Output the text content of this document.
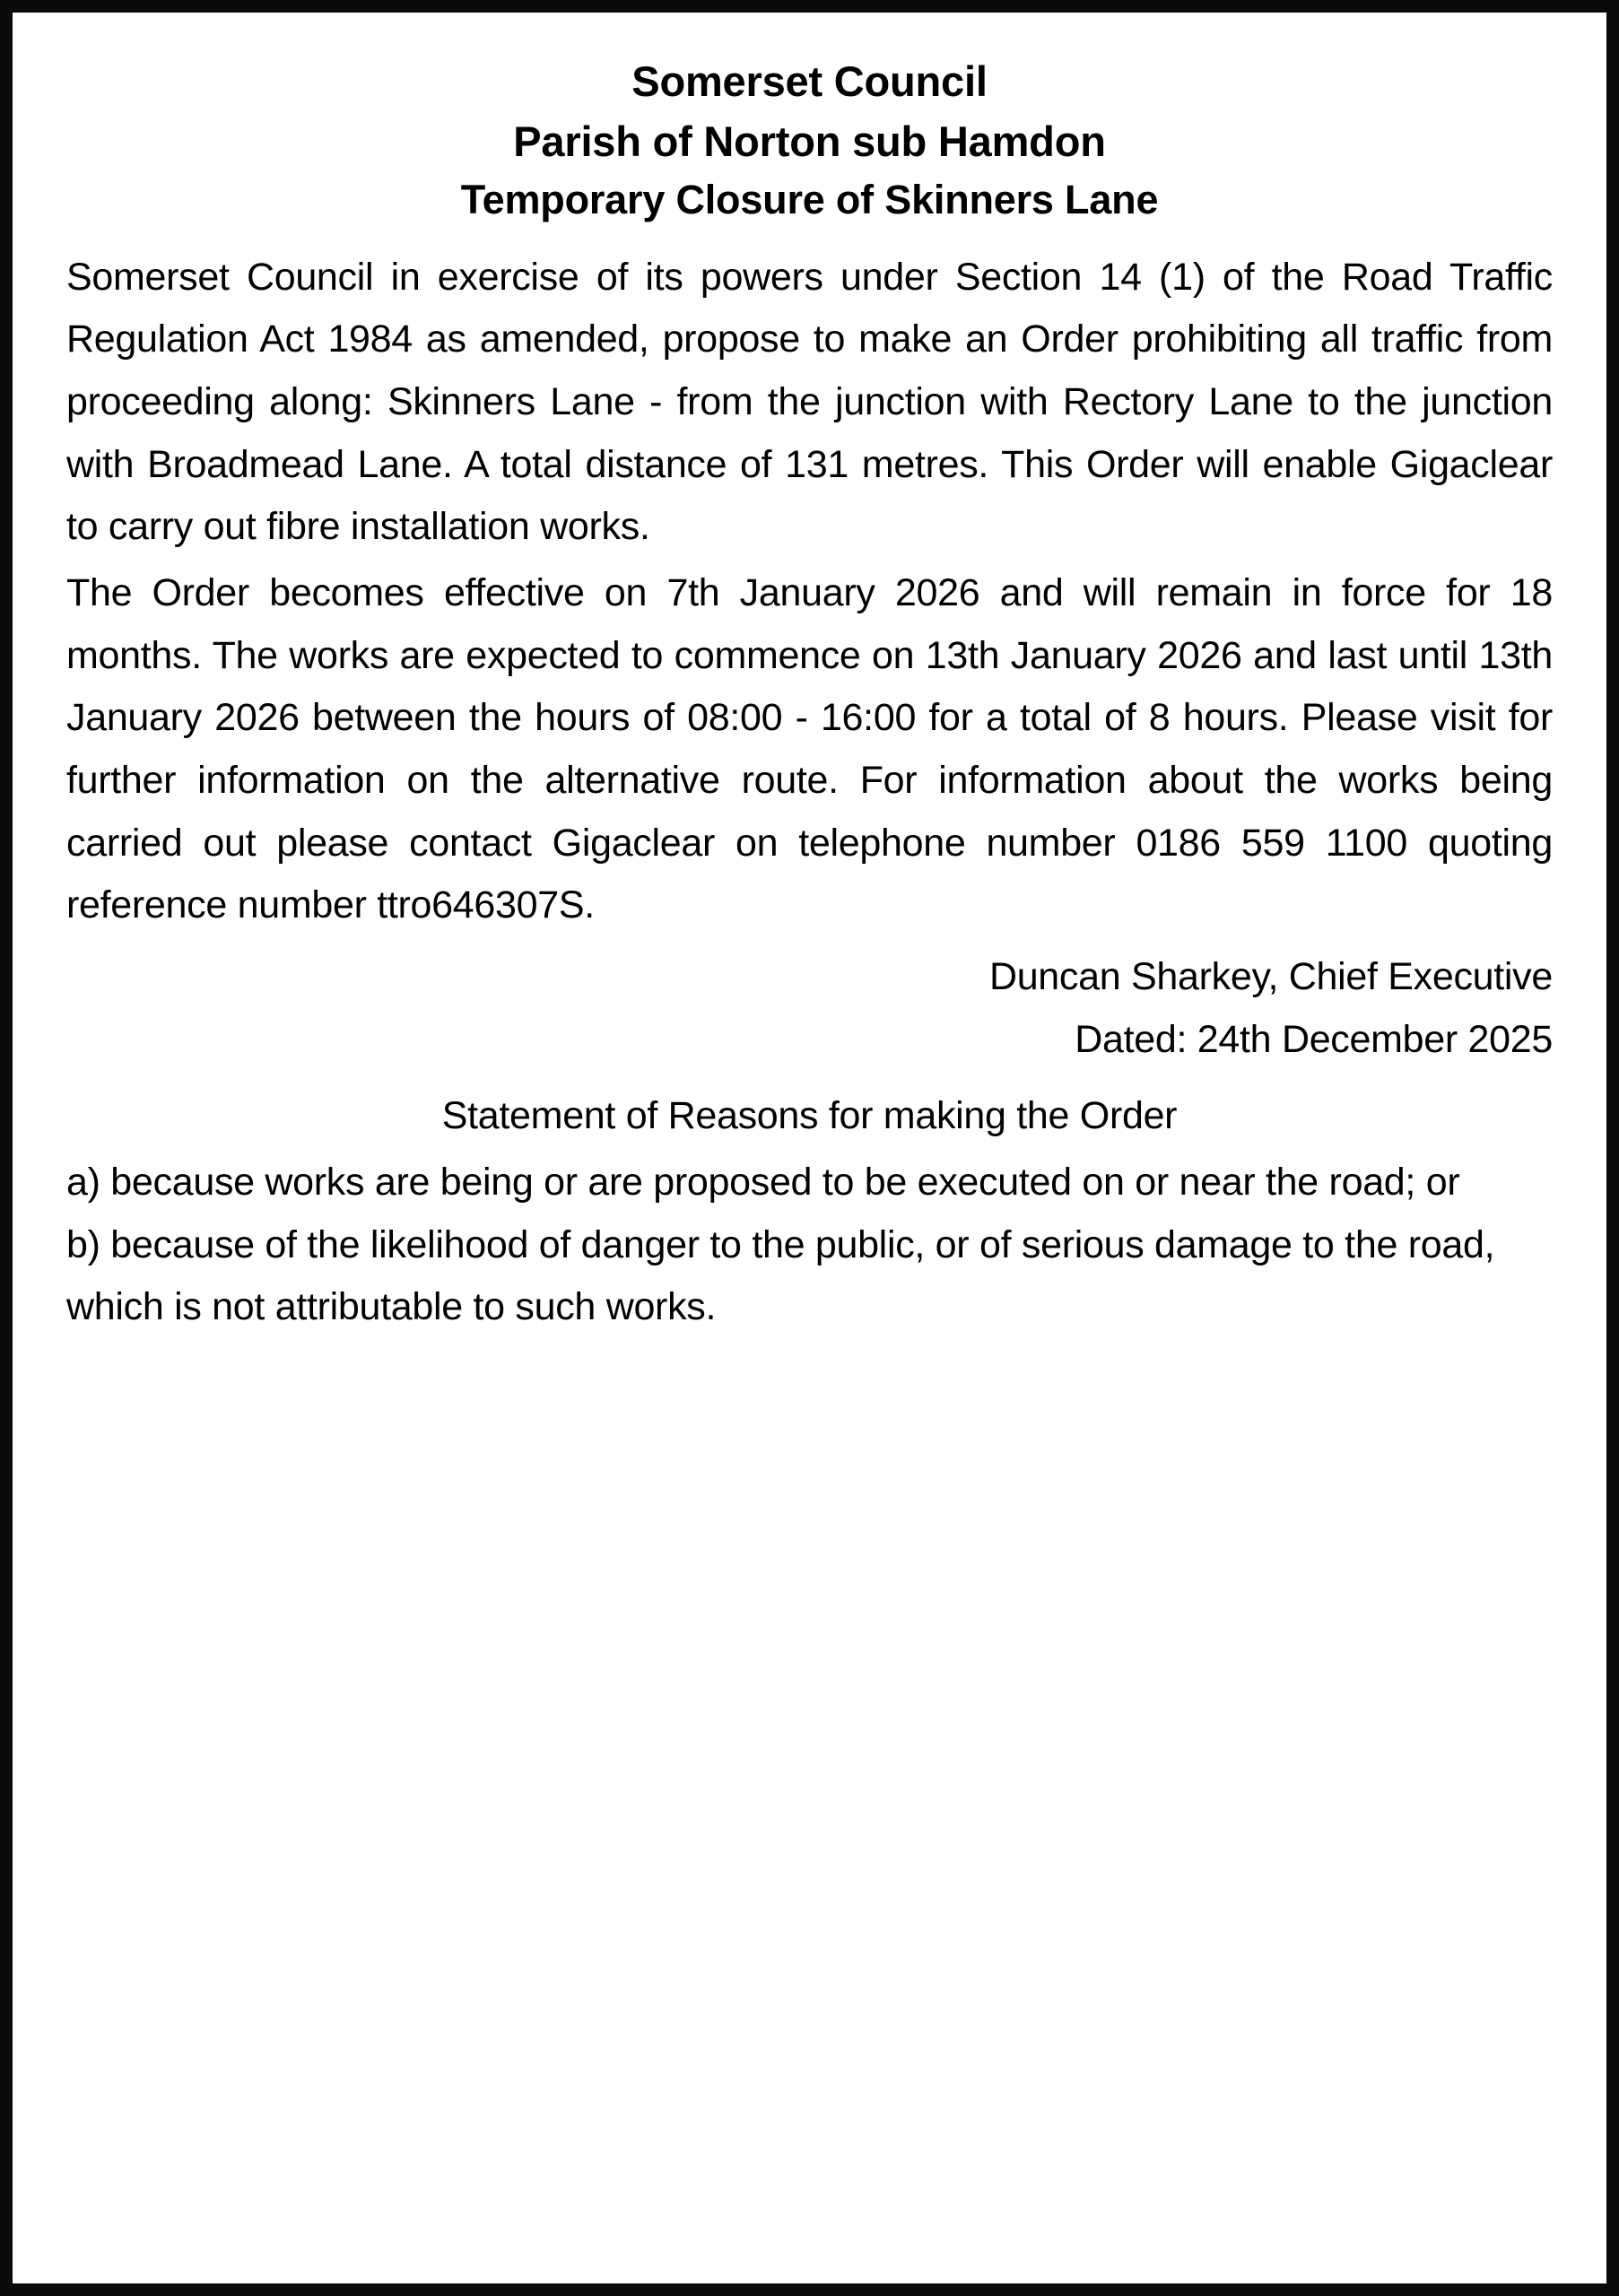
Somerset Council
Parish of Norton sub Hamdon
Temporary Closure of Skinners Lane

Somerset Council in exercise of its powers under Section 14 (1) of the Road Traffic Regulation Act 1984 as amended, propose to make an Order prohibiting all traffic from proceeding along: Skinners Lane - from the junction with Rectory Lane to the junction with Broadmead Lane. A total distance of 131 metres. This Order will enable Gigaclear to carry out fibre installation works.

The Order becomes effective on 7th January 2026 and will remain in force for 18 months. The works are expected to commence on 13th January 2026 and last until 13th January 2026 between the hours of 08:00 - 16:00 for a total of 8 hours. Please visit for further information on the alternative route. For information about the works being carried out please contact Gigaclear on telephone number 0186 559 1100 quoting reference number ttro646307S.

Duncan Sharkey, Chief Executive
Dated: 24th December 2025
Statement of Reasons for making the Order

a) because works are being or are proposed to be executed on or near the road; or

b) because of the likelihood of danger to the public, or of serious damage to the road, which is not attributable to such works.
